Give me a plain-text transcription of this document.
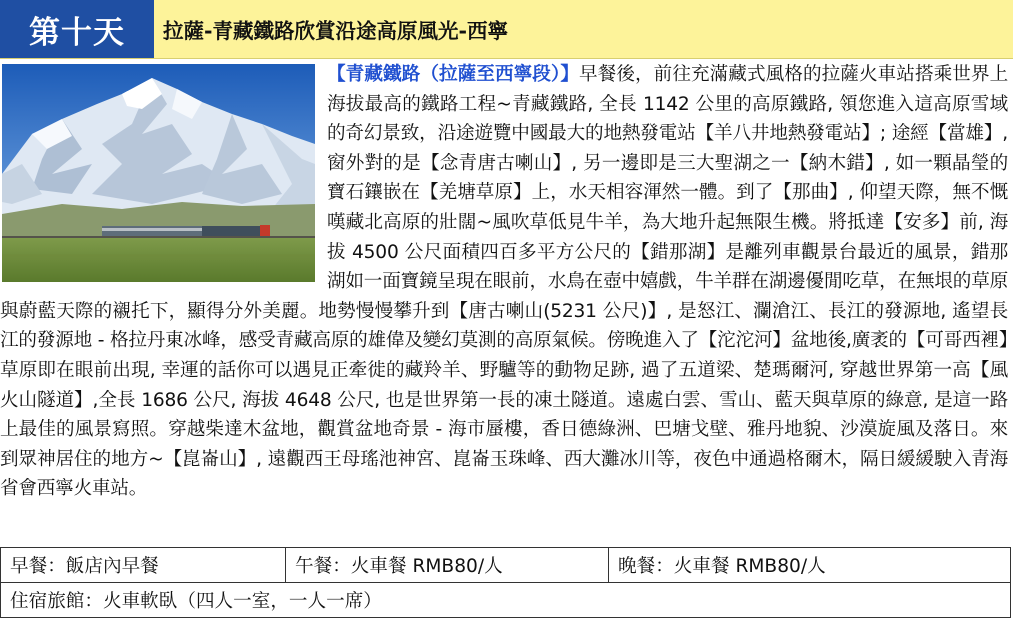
第十天	拉薩-青藏鐵路欣賞沿途高原風光-西寧

【青藏鐵路（拉薩至西寧段）】早餐後，前往充滿藏式風格的拉薩火車站搭乘世界上海拔最高的鐵路工程~青藏鐵路, 全長 1142 公里的高原鐵路, 領您進入這高原雪域的奇幻景致，沿途遊覽中國最大的地熱發電站【羊八井地熱發電站】; 途經【當雄】, 窗外對的是【念青唐古喇山】, 另一邊即是三大聖湖之一【納木錯】, 如一顆晶瑩的寶石鑲嵌在【羌塘草原】上，水天相容渾然一體。到了【那曲】, 仰望天際，無不慨嘆藏北高原的壯闊~風吹草低見牛羊，為大地升起無限生機。將抵達【安多】前, 海拔 4500 公尺面積四百多平方公尺的【錯那湖】是離列車觀景台最近的風景，錯那湖如一面寶鏡呈現在眼前，水鳥在壺中嬉戲，牛羊群在湖邊優閒吃草，在無垠的草原與蔚藍天際的襯托下，顯得分外美麗。地勢慢慢攀升到【唐古喇山(5231 公尺)】, 是怒江、瀾滄江、長江的發源地, 遙望長江的發源地 - 格拉丹東冰峰，感受青藏高原的雄偉及變幻莫測的高原氣候。傍晚進入了【沱沱河】盆地後,廣袤的【可哥西裡】草原即在眼前出現, 幸運的話你可以遇見正牽徙的藏羚羊、野驢等的動物足跡, 過了五道梁、楚瑪爾河, 穿越世界第一高【風火山隧道】,全長 1686 公尺, 海拔 4648 公尺, 也是世界第一長的凍土隧道。遠處白雲、雪山、藍天與草原的綠意, 是這一路上最佳的風景寫照。穿越柴達木盆地，觀賞盆地奇景 - 海市蜃樓，香日德綠洲、巴塘戈壁、雅丹地貌、沙漠旋風及落日。來到眾神居住的地方~【崑崙山】, 遠觀西王母瑤池神宮、崑崙玉珠峰、西大灘冰川等，夜色中通過格爾木，隔日緩緩駛入青海省會西寧火車站。

早餐：飯店內早餐	午餐：火車餐 RMB80/人	晚餐：火車餐 RMB80/人
住宿旅館：火車軟臥（四人一室，一人一席）
